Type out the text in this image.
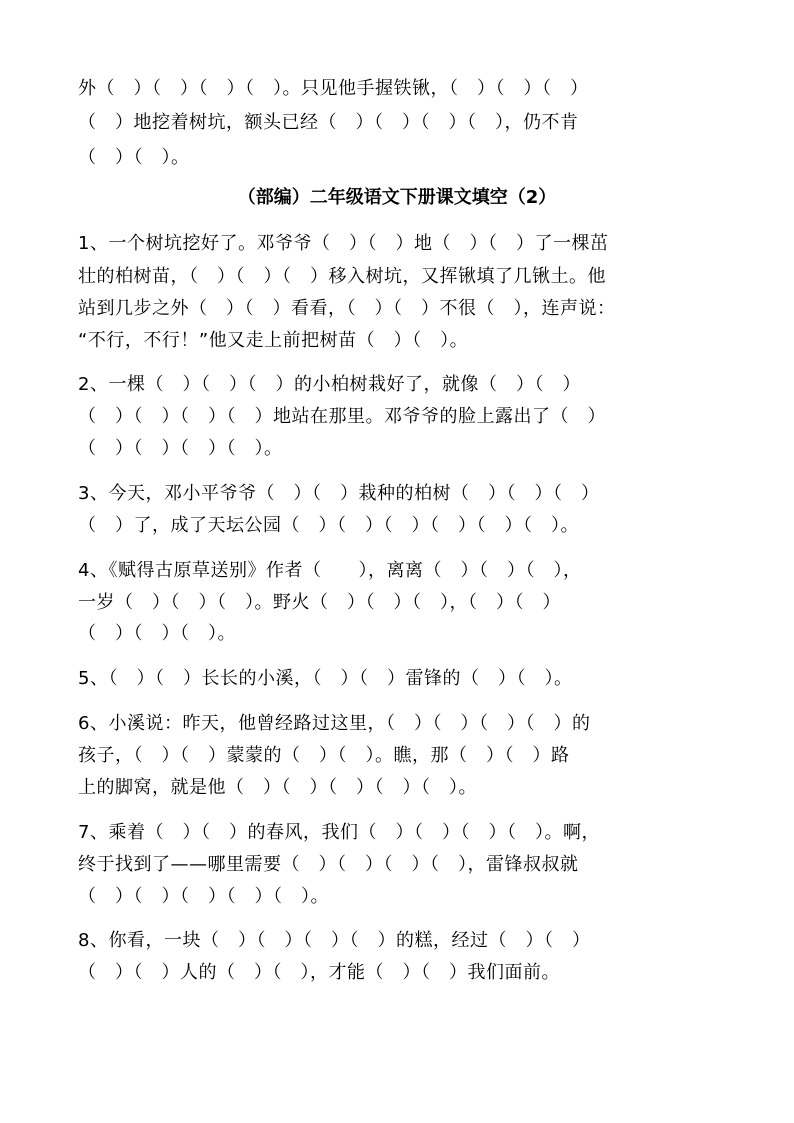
外（　）（　）（　）（　）。只见他手握铁锹，（　）（　）（　）
（　）地挖着树坑，额头已经（　）（　）（　）（　），仍不肯
（　）（　）。
（部编）二年级语文下册课文填空（2）
1、一个树坑挖好了。邓爷爷（　）（　）地（　）（　）了一棵茁
壮的柏树苗，（　）（　）（　）移入树坑，又挥锹填了几锹土。他
站到几步之外（　）（　）看看，（　）（　）不很（　），连声说：
“不行，不行！”他又走上前把树苗（　）（　）。
2、一棵（　）（　）（　）的小柏树栽好了，就像（　）（　）
（　）（　）（　）（　）地站在那里。邓爷爷的脸上露出了（　）
（　）（　）（　）（　）。
3、今天，邓小平爷爷（　）（　）栽种的柏树（　）（　）（　）
（　）了，成了天坛公园（　）（　）（　）（　）（　）（　）。
4、《赋得古原草送别》作者（　　），离离（　）（　）（　），
一岁（　）（　）（　）。野火（　）（　）（　），（　）（　）
（　）（　）（　）。
5、（　）（　）长长的小溪，（　）（　）雷锋的（　）（　）。
6、小溪说：昨天，他曾经路过这里，（　）（　）（　）（　）的
孩子，（　）（　）蒙蒙的（　）（　）。瞧，那（　）（　）路
上的脚窝，就是他（　）（　）（　）（　）（　）。
7、乘着（　）（　）的春风，我们（　）（　）（　）（　）。啊，
终于找到了——哪里需要（　）（　）（　）（　），雷锋叔叔就
（　）（　）（　）（　）（　）。
8、你看，一块（　）（　）（　）（　）的糕，经过（　）（　）
（　）（　）人的（　）（　），才能（　）（　）我们面前。
